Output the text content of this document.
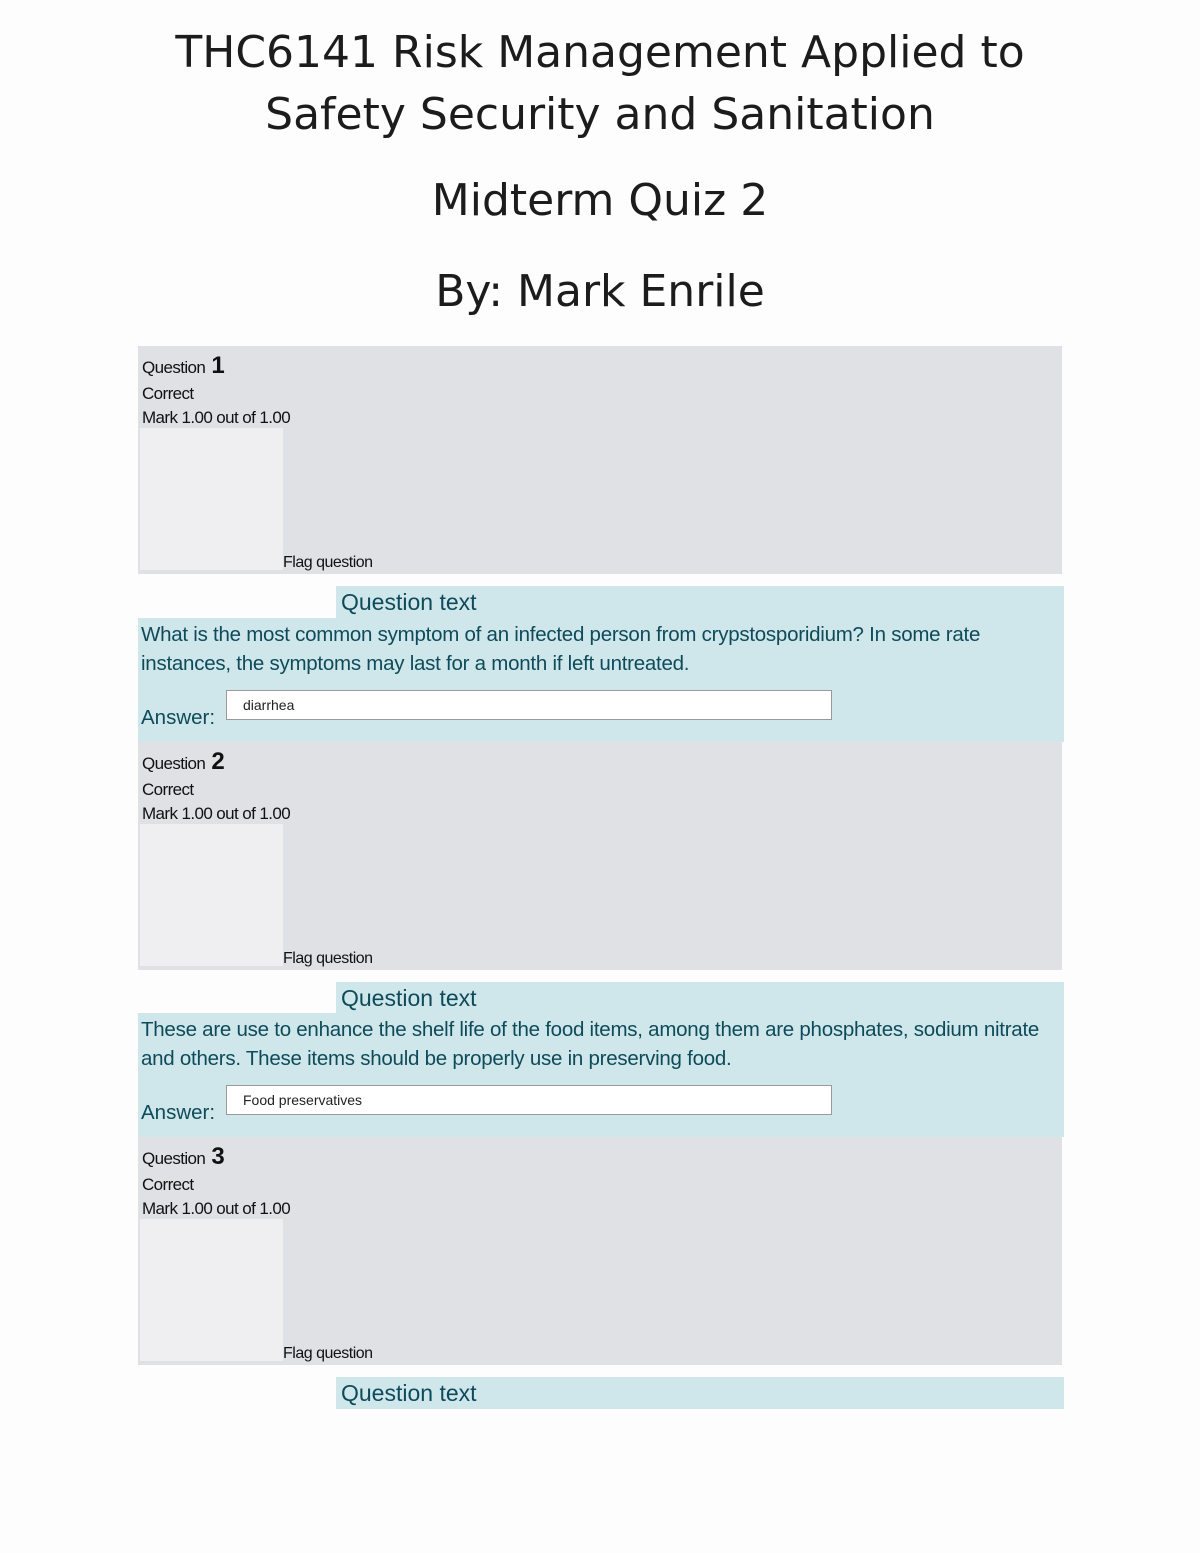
THC6141 Risk Management Applied to
Safety Security and Sanitation
Midterm Quiz 2
By: Mark Enrile
Question 1
Correct
Mark 1.00 out of 1.00
Flag question
Question text
What is the most common symptom of an infected person from crypstosporidium? In some rate instances, the symptoms may last for a month if left untreated.
Answer:
diarrhea
Question 2
Correct
Mark 1.00 out of 1.00
Flag question
Question text
These are use to enhance the shelf life of the food items, among them are phosphates, sodium nitrate and others. These items should be properly use in preserving food.
Answer:
Food preservatives
Question 3
Correct
Mark 1.00 out of 1.00
Flag question
Question text
